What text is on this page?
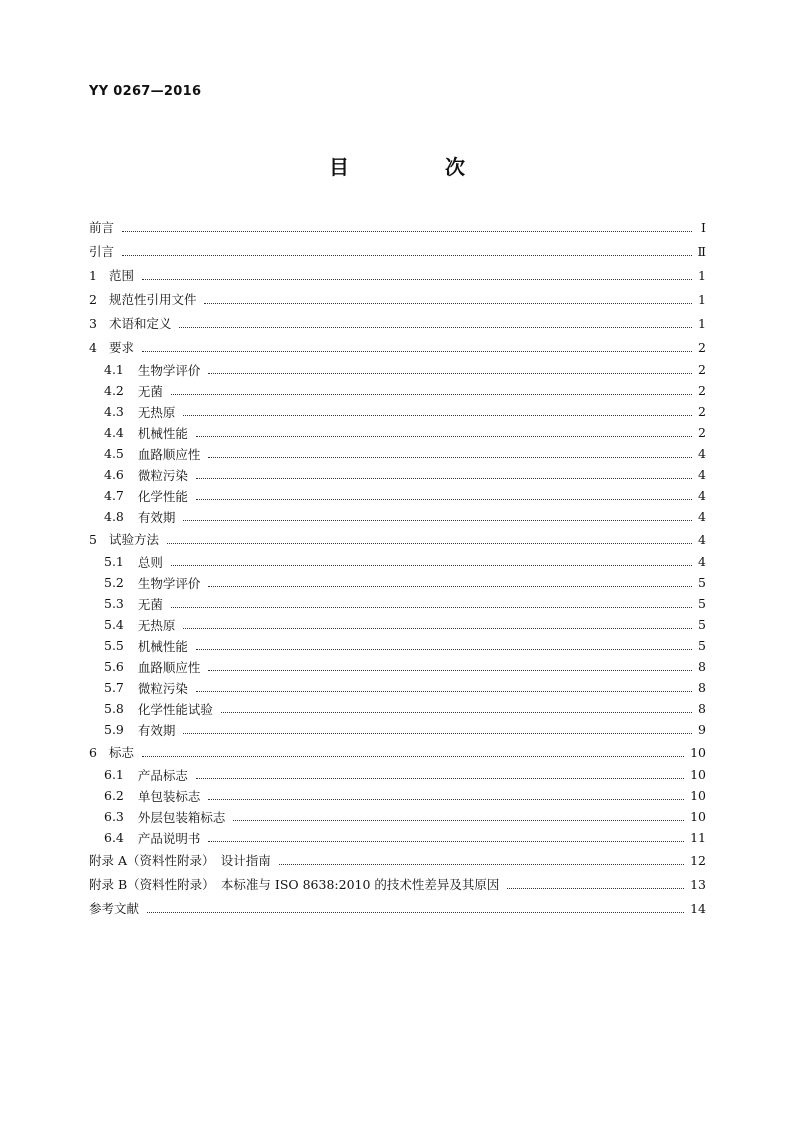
YY 0267—2016
目　次
前言	Ⅰ
引言	Ⅱ
1 范围	1
2 规范性引用文件	1
3 术语和定义	1
4 要求	2
4.1 生物学评价	2
4.2 无菌	2
4.3 无热原	2
4.4 机械性能	2
4.5 血路顺应性	4
4.6 微粒污染	4
4.7 化学性能	4
4.8 有效期	4
5 试验方法	4
5.1 总则	4
5.2 生物学评价	5
5.3 无菌	5
5.4 无热原	5
5.5 机械性能	5
5.6 血路顺应性	8
5.7 微粒污染	8
5.8 化学性能试验	8
5.9 有效期	9
6 标志	10
6.1 产品标志	10
6.2 单包装标志	10
6.3 外层包装箱标志	10
6.4 产品说明书	11
附录 A（资料性附录）　设计指南	12
附录 B（资料性附录）　本标准与 ISO 8638:2010 的技术性差异及其原因	13
参考文献	14
